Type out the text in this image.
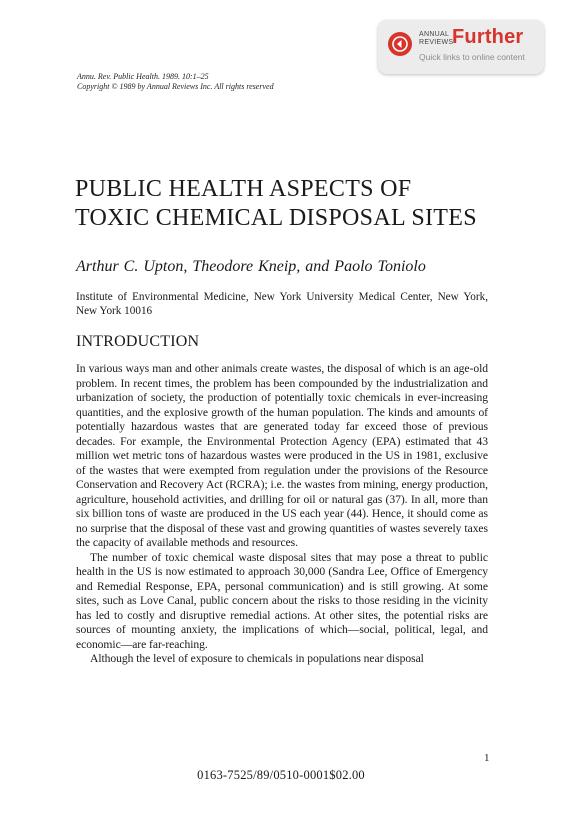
ANNUAL
REVIEWS
Further
Quick links to online content
Annu. Rev. Public Health. 1989. 10:1–25
Copyright © 1989 by Annual Reviews Inc. All rights reserved
PUBLIC HEALTH ASPECTS OF
TOXIC CHEMICAL DISPOSAL SITES
Arthur C. Upton, Theodore Kneip, and Paolo Toniolo
Institute of Environmental Medicine, New York University Medical Center, New York, New York 10016
INTRODUCTION

In various ways man and other animals create wastes, the disposal of which is an age-old problem. In recent times, the problem has been compounded by the industrialization and urbanization of society, the production of potentially toxic chemicals in ever-increasing quantities, and the explosive growth of the human population. The kinds and amounts of potentially hazardous wastes that are generated today far exceed those of previous decades. For example, the Environmental Protection Agency (EPA) estimated that 43 million wet metric tons of hazardous wastes were produced in the US in 1981, exclusive of the wastes that were exempted from regulation under the provisions of the Resource Conservation and Recovery Act (RCRA); i.e. the wastes from mining, energy production, agriculture, household activities, and drilling for oil or natural gas (37). In all, more than six billion tons of waste are produced in the US each year (44). Hence, it should come as no surprise that the disposal of these vast and growing quantities of wastes severely taxes the capacity of available methods and resources.

The number of toxic chemical waste disposal sites that may pose a threat to public health in the US is now estimated to approach 30,000 (Sandra Lee, Office of Emergency and Remedial Response, EPA, personal communication) and is still growing. At some sites, such as Love Canal, public concern about the risks to those residing in the vicinity has led to costly and disruptive remedial actions. At other sites, the potential risks are sources of mounting anxiety, the implications of which—social, political, legal, and economic—are far-reaching.

Although the level of exposure to chemicals in populations near disposal

1
0163-7525/89/0510-0001$02.00
